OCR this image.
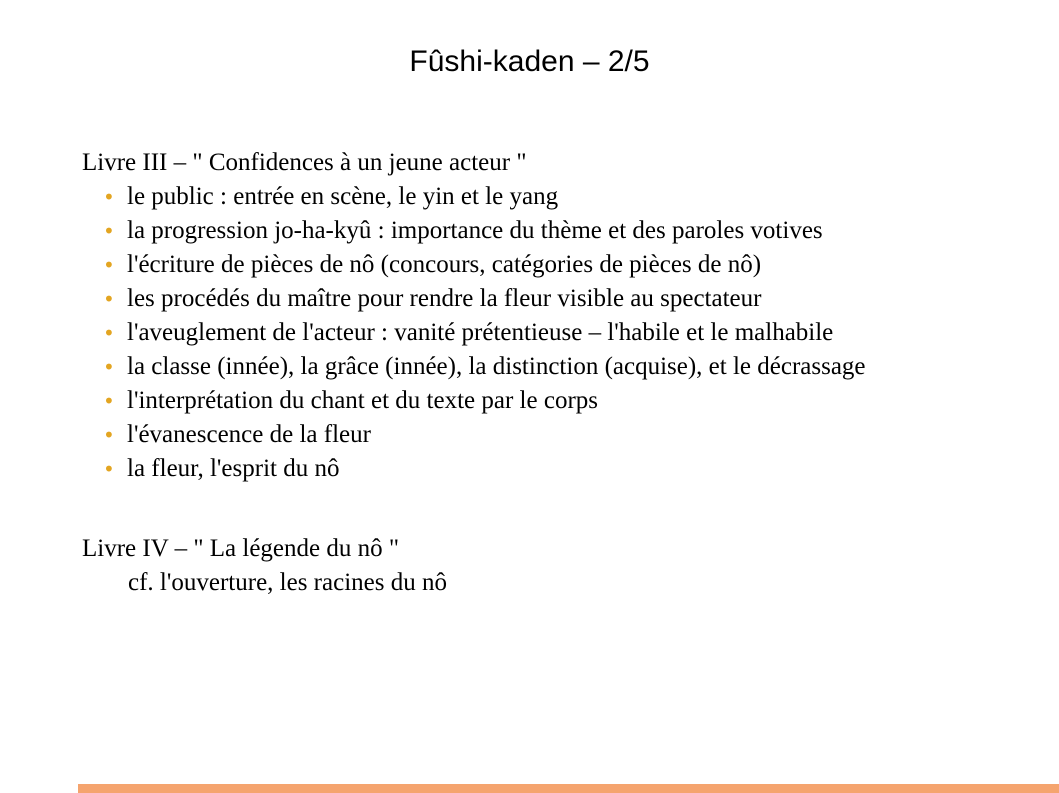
Fûshi-kaden – 2/5
Livre III – " Confidences à un jeune acteur "
• le public : entrée en scène, le yin et le yang
• la progression jo-ha-kyû : importance du thème et des paroles votives
• l'écriture de pièces de nô (concours, catégories de pièces de nô)
• les procédés du maître pour rendre la fleur visible au spectateur
• l'aveuglement de l'acteur : vanité prétentieuse – l'habile et le malhabile
• la classe (innée), la grâce (innée), la distinction (acquise), et le décrassage
• l'interprétation du chant et du texte par le corps
• l'évanescence de la fleur
• la fleur, l'esprit du nô
Livre IV – " La légende du nô "
cf. l'ouverture, les racines du nô
